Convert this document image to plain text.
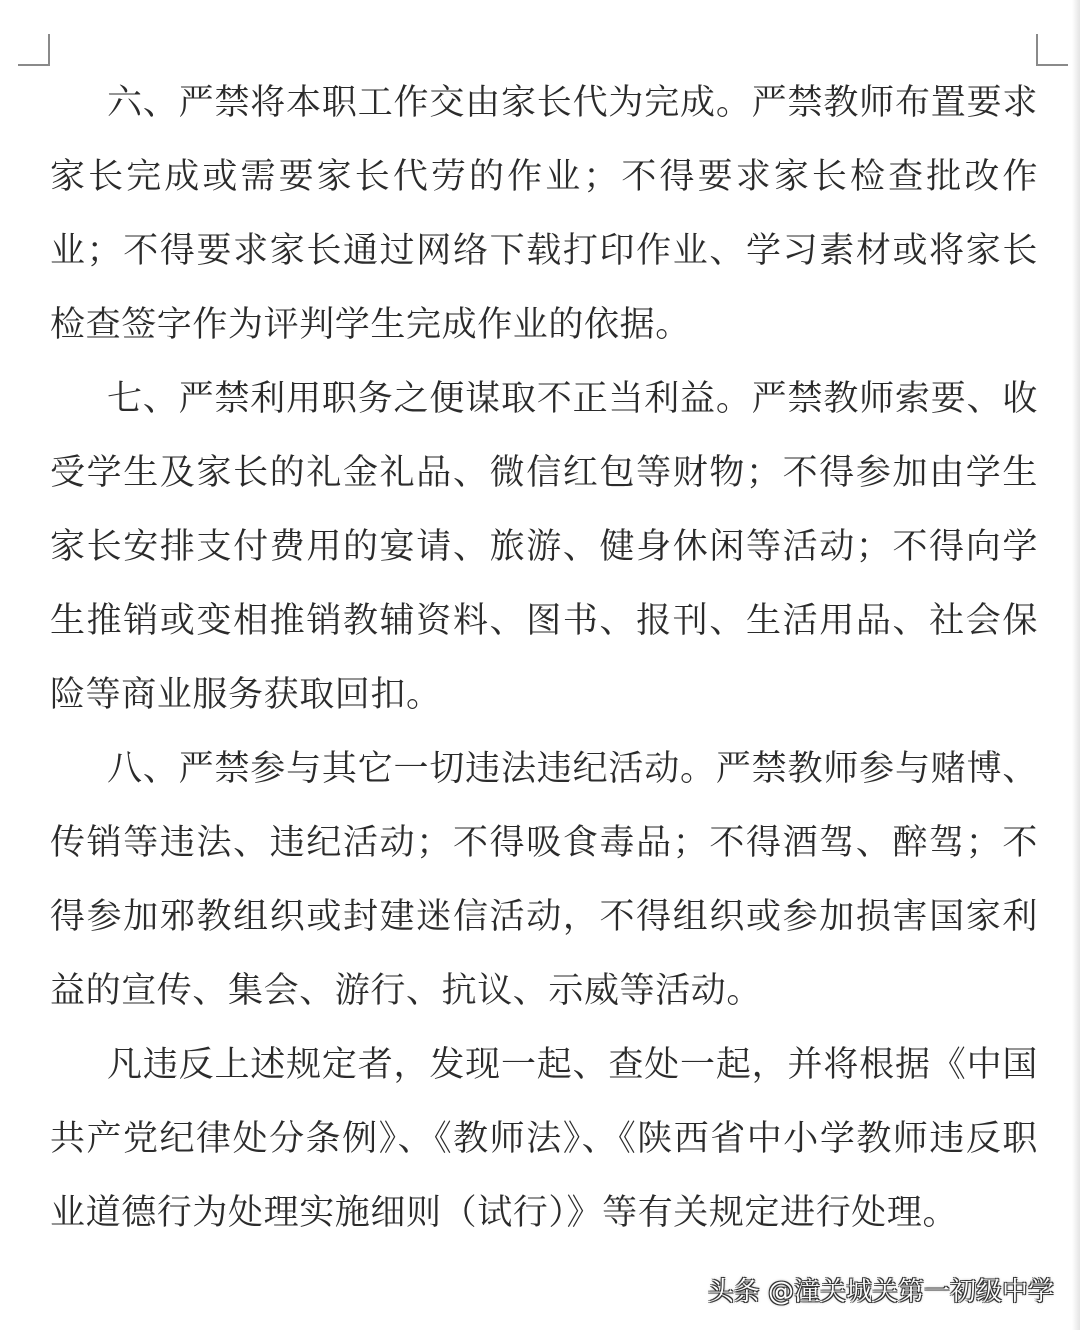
六、严禁将本职工作交由家长代为完成。严禁教师布置要求家长完成或需要家长代劳的作业；不得要求家长检查批改作业；不得要求家长通过网络下载打印作业、学习素材或将家长检查签字作为评判学生完成作业的依据。

七、严禁利用职务之便谋取不正当利益。严禁教师索要、收受学生及家长的礼金礼品、微信红包等财物；不得参加由学生家长安排支付费用的宴请、旅游、健身休闲等活动；不得向学生推销或变相推销教辅资料、图书、报刊、生活用品、社会保险等商业服务获取回扣。

八、严禁参与其它一切违法违纪活动。严禁教师参与赌博、传销等违法、违纪活动；不得吸食毒品；不得酒驾、醉驾；不得参加邪教组织或封建迷信活动，不得组织或参加损害国家利益的宣传、集会、游行、抗议、示威等活动。

凡违反上述规定者，发现一起、查处一起，并将根据《中国共产党纪律处分条例》、《教师法》、《陕西省中小学教师违反职业道德行为处理实施细则（试行）》等有关规定进行处理。

头条 @潼关城关第一初级中学
